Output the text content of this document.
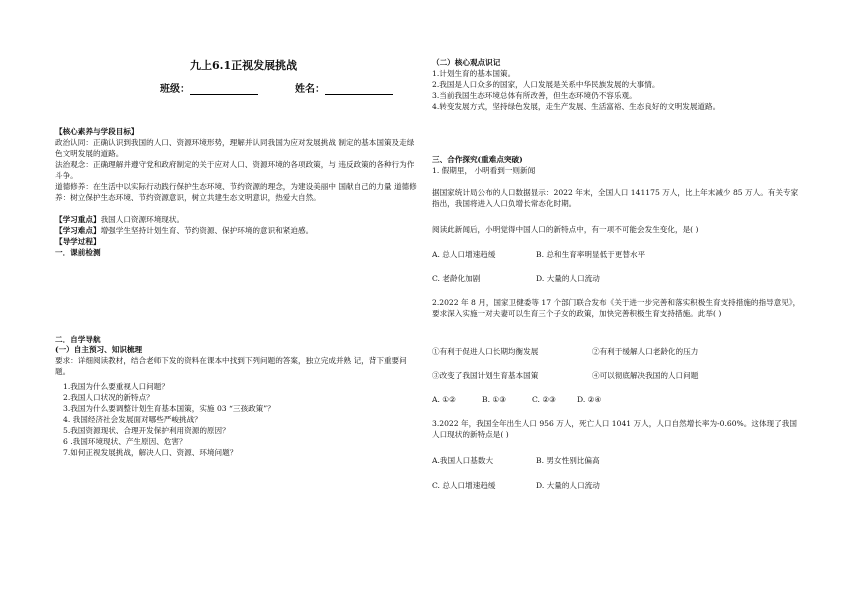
九上6.1正视发展挑战
班级：	姓名：
【核心素养与学段目标】
政治认同：正确认识到我国的人口、资源环境形势，理解并认同我国为应对发展挑战 制定的基本国策及走绿色文明发展的道路。
法治观念：正确理解并遵守党和政府制定的关于应对人口、资源环境的各项政策，与 违反政策的各种行为作斗争。
道德修养：在生活中以实际行动践行保护生态环境、节约资源的理念，为建设美丽中 国献自己的力量 道德修养：树立保护生态环境、节约资源意识，树立共建生态文明意识，热爱大自然。
【学习重点】我国人口资源环境现状。
【学习难点】增强学生坚持计划生育、节约资源、保护环境的意识和紧迫感。
【导学过程】
一．课前检测
二．自学导航
(一）自主预习、知识梳理
要求：详细阅读教材，结合老师下发的资料在课本中找到下列问题的答案，独立完成并熟 记，背下重要问题。
1.我国为什么要重视人口问题？
2.我国人口状况的新特点？
3.我国为什么要调整计划生育基本国策，实施 03 “三孩政策”？
4. 我国经济社会发展面对哪些严峻挑战？
5.我国资源现状、合理开发保护利用资源的原因？
6 .我国环境现状、产生原因、危害？
7.如何正视发展挑战，解决人口、资源、环境问题？
（二）核心观点识记
1.计划生育的基本国策。
2.我国是人口众多的国家，人口发展是关系中华民族发展的大事情。
3.当前我国生态环境总体有所改善，但生态环境仍不容乐观。
4.转变发展方式，坚持绿色发展，走生产发展、生活富裕、生态良好的文明发展道路。
三、合作探究(重难点突破)
1. 假期里， 小明看到一则新闻
据国家统计局公布的人口数据显示：2022 年末，全国人口 141175 万人，比上年末减少 85 万人。有关专家指出，我国将进入人口负增长常态化时期。
阅读此新闻后，小明觉得中国人口的新特点中，有一项不可能会发生变化，是( )
A. 总人口增速趋缓	B. 总和生育率明显低于更替水平
C. 老龄化加剧	D. 大量的人口流动
2.2022 年 8 月，国家卫健委等 17 个部门联合发布《关于进一步完善和落实积极生育支持措施的指导意见》，要求深入实施一对夫妻可以生育三个子女的政策，加快完善积极生育支持措施。此举( )
①有利于促进人口长期均衡发展	②有利于缓解人口老龄化的压力
③改变了我国计划生育基本国策	④可以彻底解决我国的人口问题
A. ①②	B. ①③	C. ②③	D. ②④
3.2022 年，我国全年出生人口 956 万人，死亡人口 1041 万人，人口自然增长率为-0.60%。这体现了我国人口现状的新特点是( )
A.我国人口基数大	B. 男女性别比偏高
C. 总人口增速趋缓	D. 大量的人口流动
